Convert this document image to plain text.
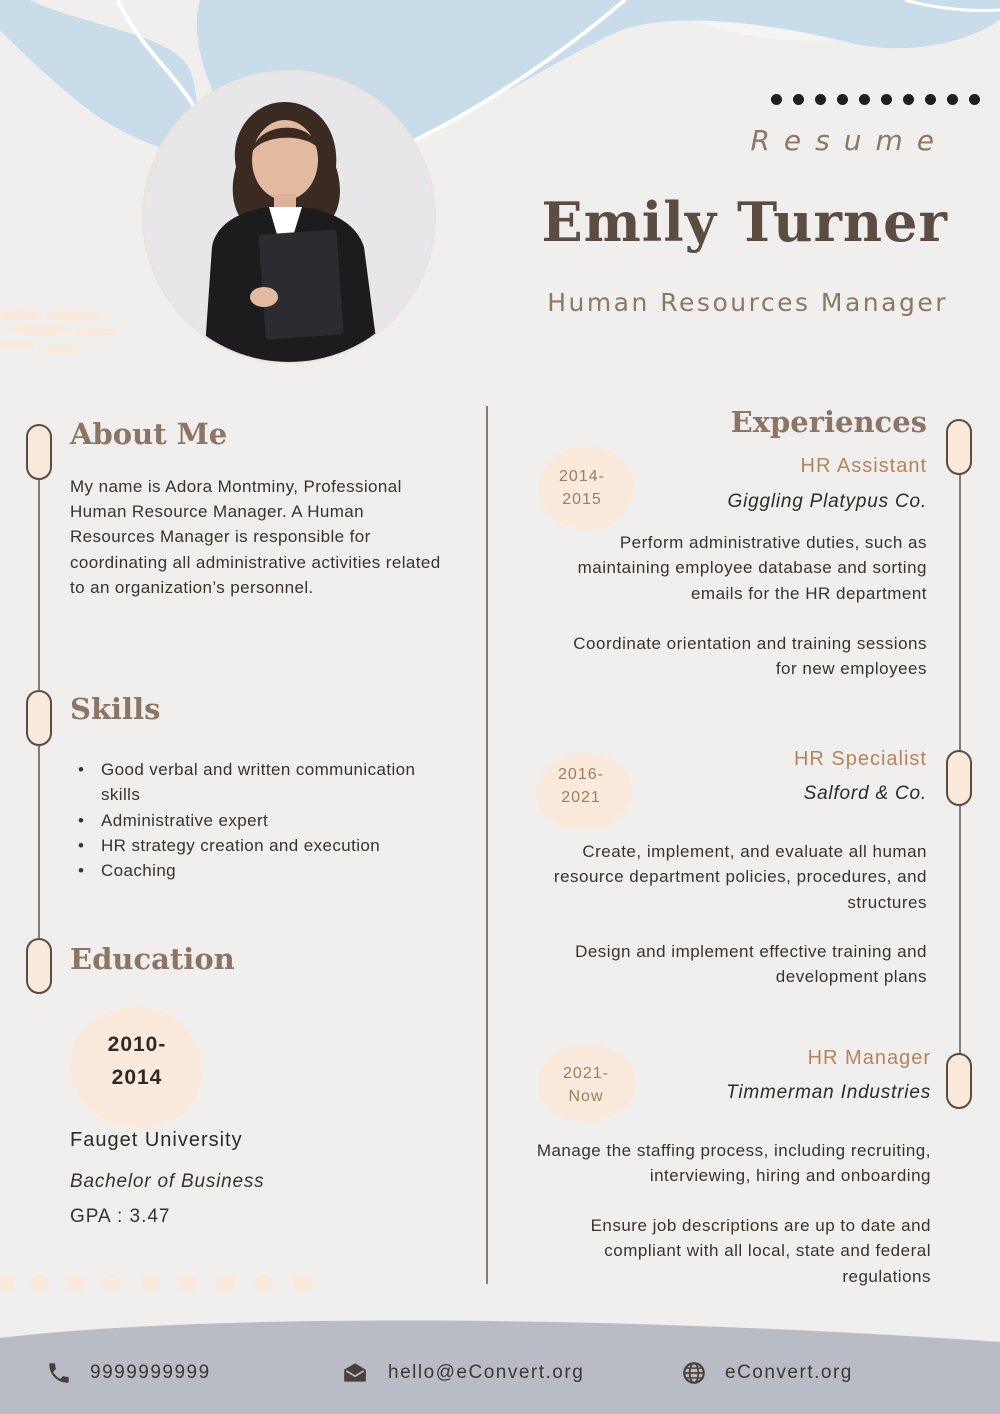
Resume
Emily Turner
Human Resources Manager
About Me
My name is Adora Montminy, Professional Human Resource Manager. A Human Resources Manager is responsible for coordinating all administrative activities related to an organization’s personnel.
Skills
• Good verbal and written communication skills
• Administrative expert
• HR strategy creation and execution
• Coaching
Education
2010-
2014
Fauget University
Bachelor of Business
GPA : 3.47
Experiences
2014-
2015
HR Assistant
Giggling Platypus Co.
Perform administrative duties, such as maintaining employee database and sorting emails for the HR department
Coordinate orientation and training sessions for new employees
2016-
2021
HR Specialist
Salford & Co.
Create, implement, and evaluate all human resource department policies, procedures, and structures
Design and implement effective training and development plans
2021-
Now
HR Manager
Timmerman Industries
Manage the staffing process, including recruiting, interviewing, hiring and onboarding
Ensure job descriptions are up to date and compliant with all local, state and federal regulations
9999999999	hello@eConvert.org	eConvert.org
